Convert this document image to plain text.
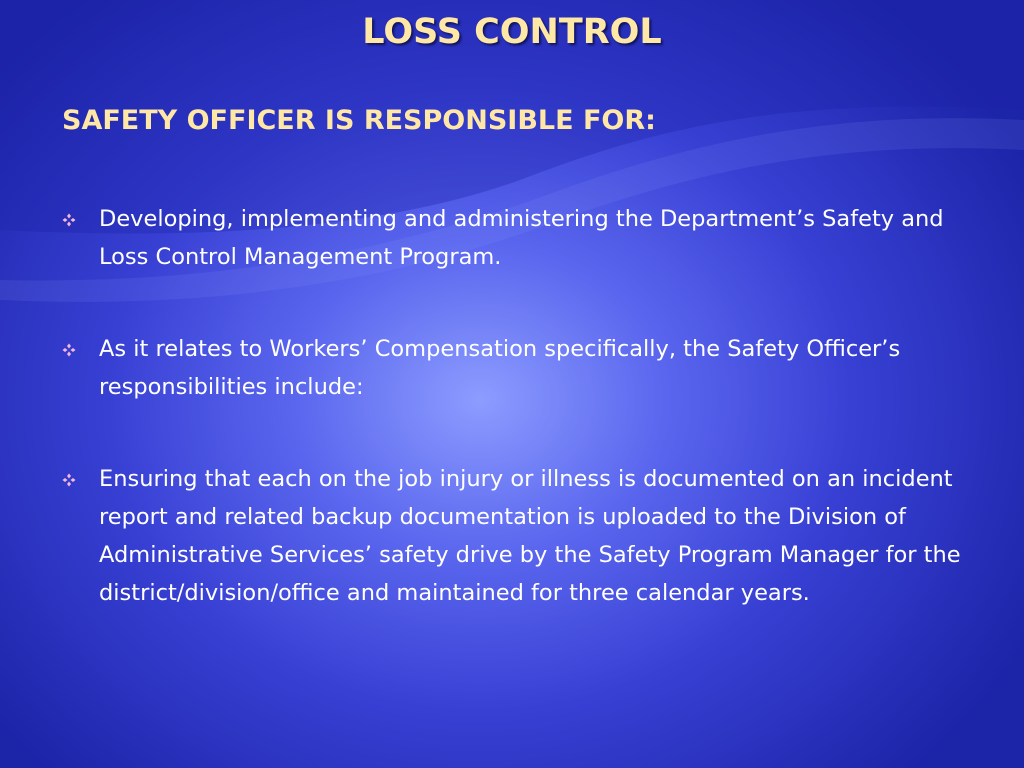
LOSS CONTROL
SAFETY OFFICER IS RESPONSIBLE FOR:
Developing, implementing and administering the Department’s Safety and Loss Control Management Program.
As it relates to Workers’ Compensation specifically, the Safety Officer’s responsibilities include:
Ensuring that each on the job injury or illness is documented on an incident report and related backup documentation is uploaded to the Division of Administrative Services’ safety drive by the Safety Program Manager for the district/division/office and maintained for three calendar years.
